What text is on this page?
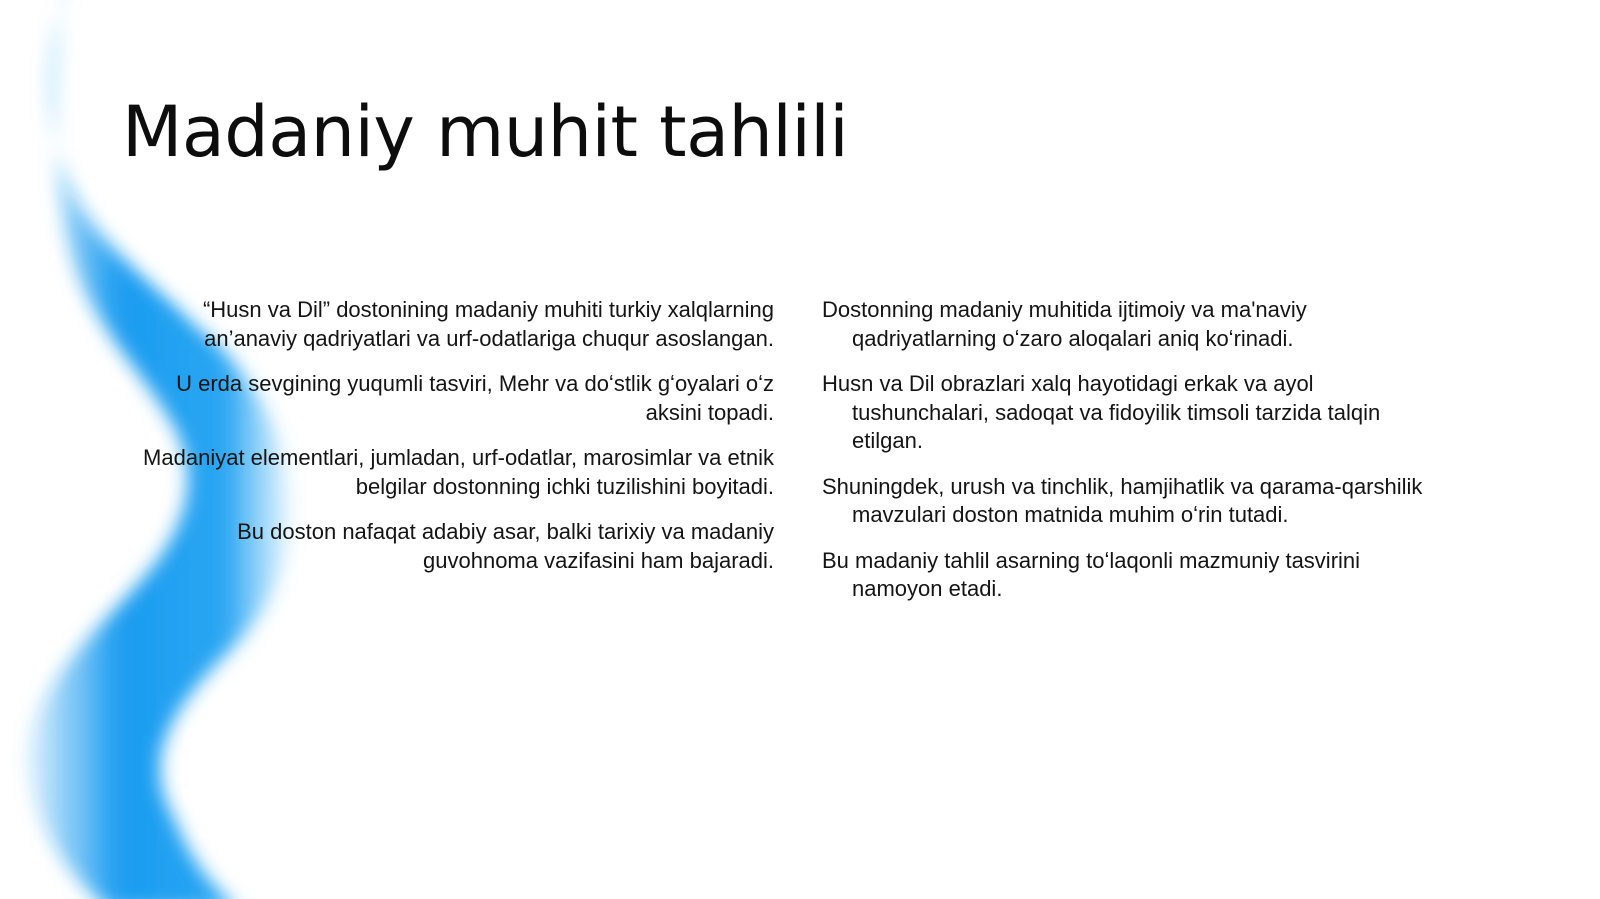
Madaniy muhit tahlili

“Husn va Dil” dostonining madaniy muhiti turkiy xalqlarning an’anaviy qadriyatlari va urf-odatlariga chuqur asoslangan.

U erda sevgining yuqumli tasviri, Mehr va doʻstlik gʻoyalari oʻz aksini topadi.

Madaniyat elementlari, jumladan, urf-odatlar, marosimlar va etnik belgilar dostonning ichki tuzilishini boyitadi.

Bu doston nafaqat adabiy asar, balki tarixiy va madaniy guvohnoma vazifasini ham bajaradi.

Dostonning madaniy muhitida ijtimoiy va ma'naviy qadriyatlarning oʻzaro aloqalari aniq koʻrinadi.

Husn va Dil obrazlari xalq hayotidagi erkak va ayol tushunchalari, sadoqat va fidoyilik timsoli tarzida talqin etilgan.

Shuningdek, urush va tinchlik, hamjihatlik va qarama-qarshilik mavzulari doston matnida muhim oʻrin tutadi.

Bu madaniy tahlil asarning toʻlaqonli mazmuniy tasvirini namoyon etadi.
